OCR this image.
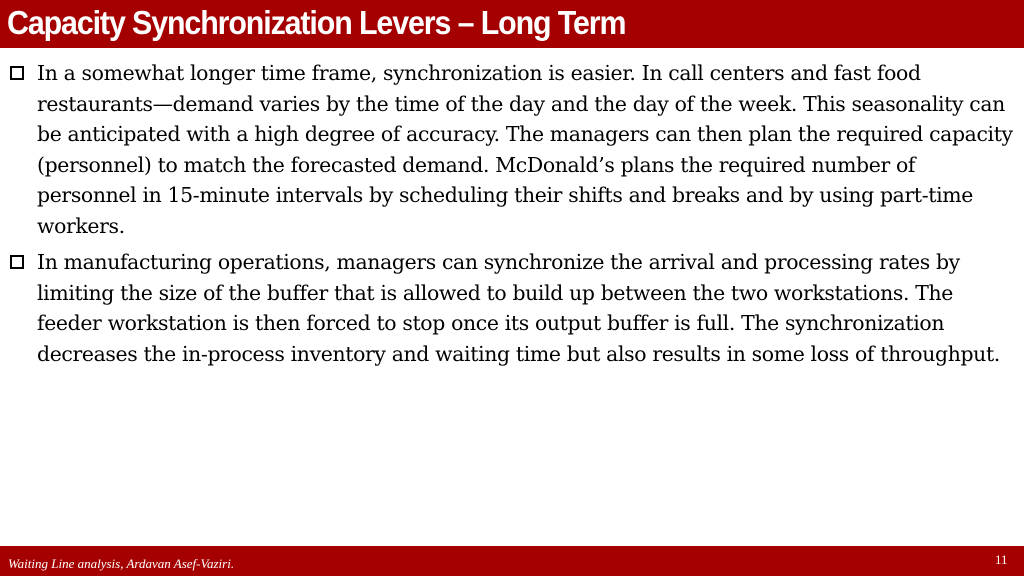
Capacity Synchronization Levers – Long Term

In a somewhat longer time frame, synchronization is easier. In call centers and fast food restaurants—demand varies by the time of the day and the day of the week. This seasonality can be anticipated with a high degree of accuracy. The managers can then plan the required capacity (personnel) to match the forecasted demand. McDonald’s plans the required number of personnel in 15-minute intervals by scheduling their shifts and breaks and by using part-time workers.

In manufacturing operations, managers can synchronize the arrival and processing rates by limiting the size of the buffer that is allowed to build up between the two workstations. The feeder workstation is then forced to stop once its output buffer is full. The synchronization decreases the in-process inventory and waiting time but also results in some loss of throughput.

Waiting Line analysis, Ardavan Asef-Vaziri.	11
